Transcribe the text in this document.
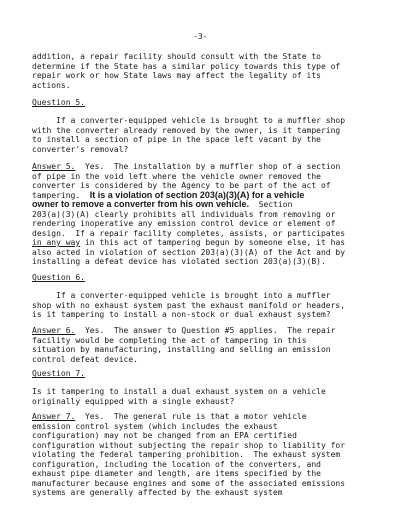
-3-
addition, a repair facility should consult with the State to
determine if the State has a similar policy towards this type of
repair work or how State laws may affect the legality of its
actions.
Question 5.
If a converter-equipped vehicle is brought to a muffler shop
with the converter already removed by the owner, is it tampering
to install a section of pipe in the space left vacant by the
converter's removal?
Answer 5.  Yes.  The installation by a muffler shop of a section
of pipe in the void left where the vehicle owner removed the
converter is considered by the Agency to be part of the act of
tampering.  It is a violation of section 203(a)(3)(A) for a vehicle
owner to remove a converter from his own vehicle.  Section
203(a)(3)(A) clearly prohibits all individuals from removing or
rendering inoperative any emission control device or element of
design.  If a repair facility completes, assists, or participates
in any way in this act of tampering begun by someone else, it has
also acted in violation of section 203(a)(3)(A) of the Act and by
installing a defeat device has violated section 203(a)(3)(B).
Question 6.
If a converter-equipped vehicle is brought into a muffler
shop with no exhaust system past the exhaust manifold or headers,
is it tampering to install a non-stock or dual exhaust system?
Answer 6.  Yes.  The answer to Question #5 applies.  The repair
facility would be completing the act of tampering in this
situation by manufacturing, installing and selling an emission
control defeat device.
Question 7.
Is it tampering to install a dual exhaust system on a vehicle
originally equipped with a single exhaust?
Answer 7.  Yes.  The general rule is that a motor vehicle
emission control system (which includes the exhaust
configuration) may not be changed from an EPA certified
configuration without subjecting the repair shop to liability for
violating the federal tampering prohibition.  The exhaust system
configuration, including the location of the converters, and
exhaust pipe diameter and length, are items specified by the
manufacturer because engines and some of the associated emissions
systems are generally affected by the exhaust system
